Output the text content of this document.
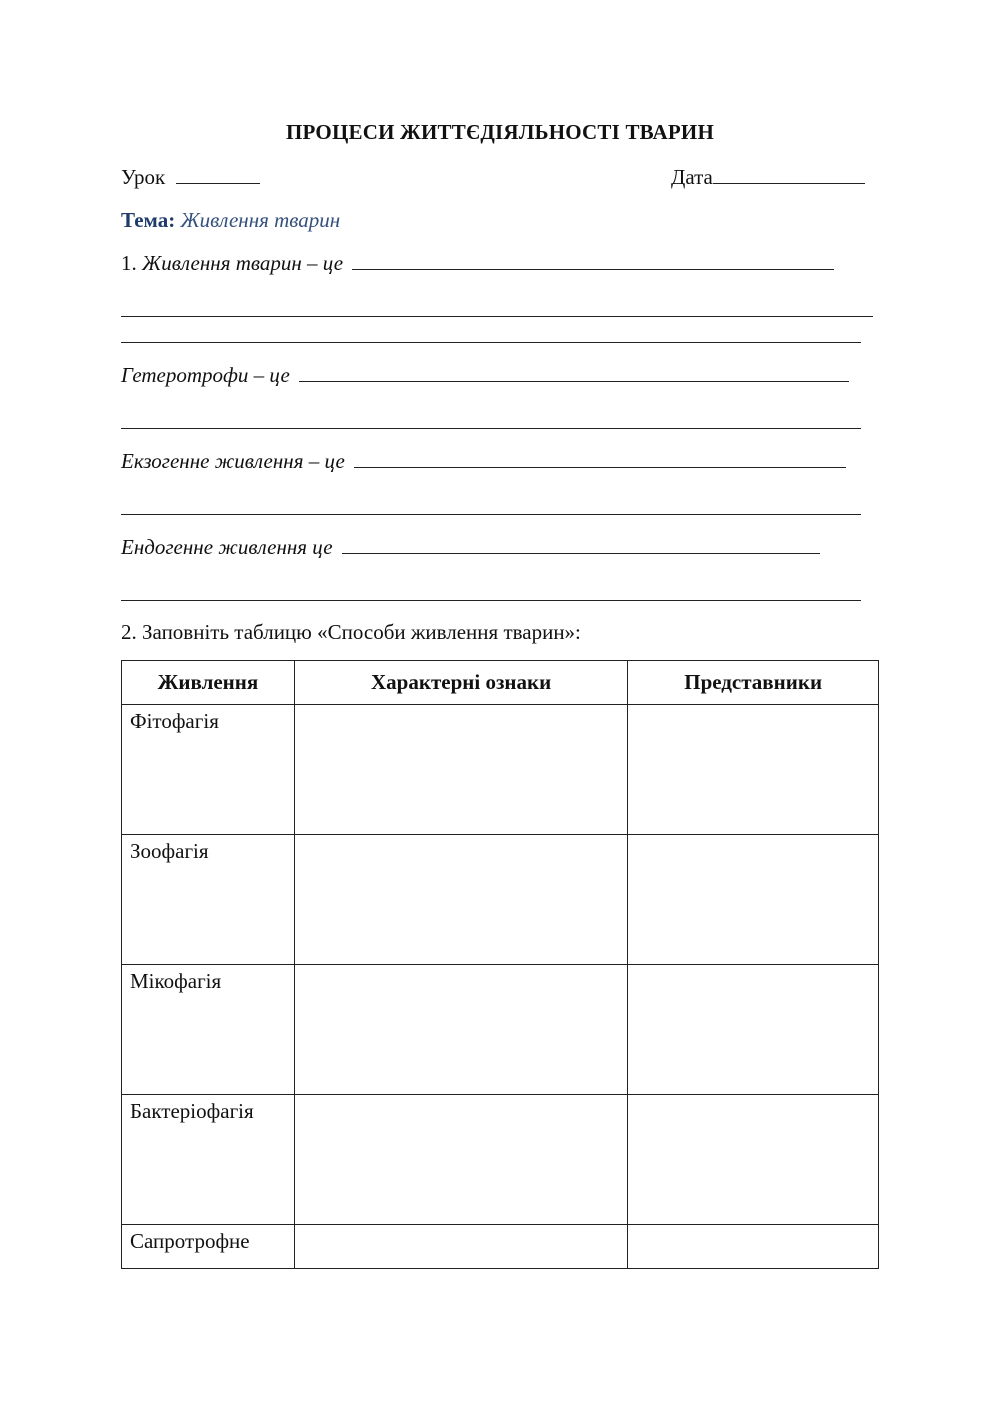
ПРОЦЕСИ ЖИТТЄДІЯЛЬНОСТІ ТВАРИН
Урок	Дата
Тема: Живлення тварин
1. Живлення тварин – це
Гетеротрофи – це
Екзогенне живлення – це
Ендогенне живлення це
2. Заповніть таблицю «Способи живлення тварин»:
Живлення	Характерні ознаки	Представники
Фітофагія		
Зоофагія		
Мікофагія		
Бактеріофагія		
Сапротрофне		
